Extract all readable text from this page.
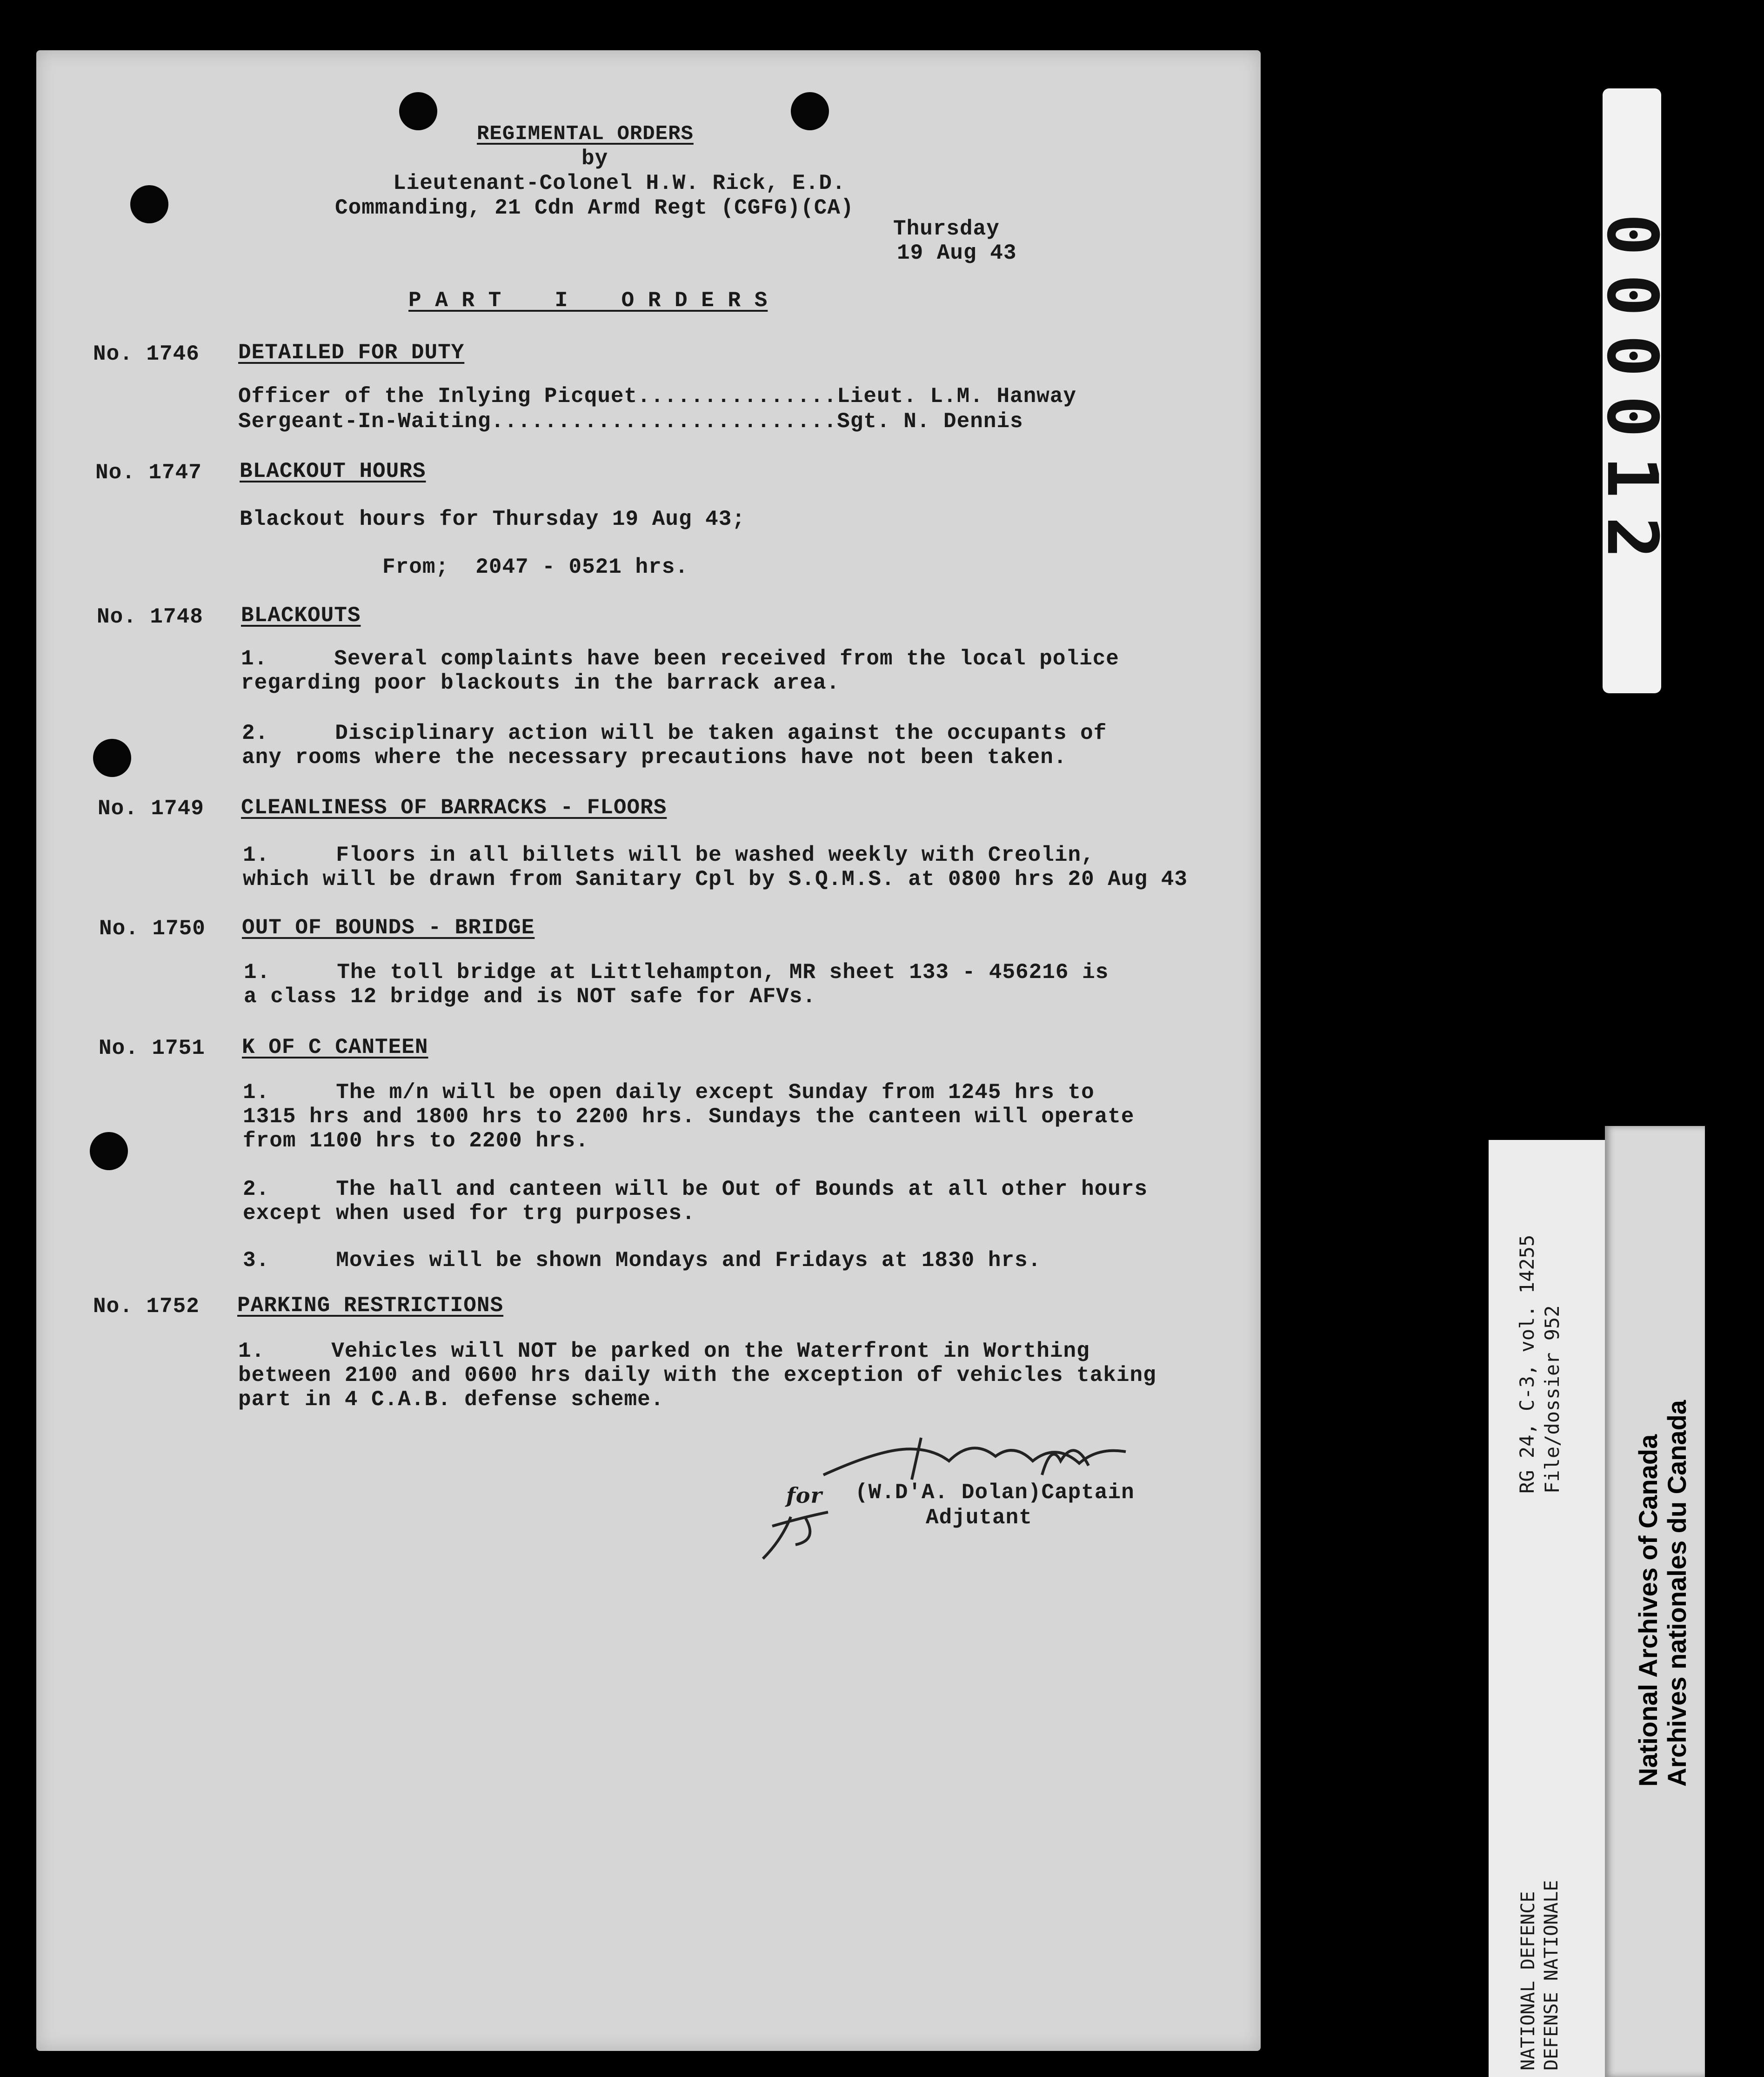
REGIMENTAL ORDERS
by
Lieutenant-Colonel H.W. Rick, E.D.
Commanding, 21 Cdn Armd Regt (CGFG)(CA)
Thursday
19 Aug 43
P A R T    I    O R D E R S
No. 1746 DETAILED FOR DUTY
Officer of the Inlying Picquet...............Lieut. L.M. Hanway
Sergeant-In-Waiting..........................Sgt. N. Dennis
No. 1747 BLACKOUT HOURS
Blackout hours for Thursday 19 Aug 43;
From;  2047 - 0521 hrs.
No. 1748 BLACKOUTS
1.     Several complaints have been received from the local police
regarding poor blackouts in the barrack area.
2.     Disciplinary action will be taken against the occupants of
any rooms where the necessary precautions have not been taken.
No. 1749 CLEANLINESS OF BARRACKS - FLOORS
1.     Floors in all billets will be washed weekly with Creolin,
which will be drawn from Sanitary Cpl by S.Q.M.S. at 0800 hrs 20 Aug 43
No. 1750 OUT OF BOUNDS - BRIDGE
1.     The toll bridge at Littlehampton, MR sheet 133 - 456216 is
a class 12 bridge and is NOT safe for AFVs.
No. 1751 K OF C CANTEEN
1.     The m/n will be open daily except Sunday from 1245 hrs to
1315 hrs and 1800 hrs to 2200 hrs. Sundays the canteen will operate
from 1100 hrs to 2200 hrs.
2.     The hall and canteen will be Out of Bounds at all other hours
except when used for trg purposes.
3.     Movies will be shown Mondays and Fridays at 1830 hrs.
No. 1752 PARKING RESTRICTIONS
1.     Vehicles will NOT be parked on the Waterfront in Worthing
between 2100 and 0600 hrs daily with the exception of vehicles taking
part in 4 C.A.B. defense scheme.
for (W.D'A. Dolan)Captain
Adjutant
000012
RG 24, C-3, vol. 14255 File/dossier 952
NATIONAL DEFENCE DEFENSE NATIONALE
National Archives of Canada Archives nationales du Canada
